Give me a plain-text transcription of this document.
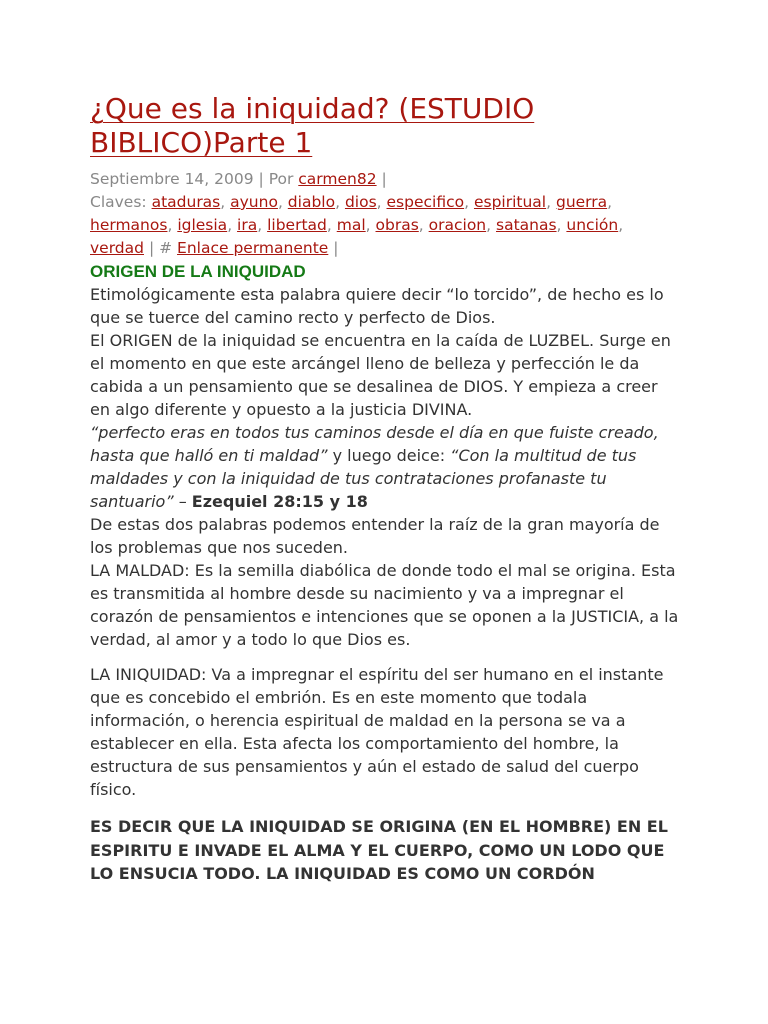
¿Que es la iniquidad? (ESTUDIO BIBLICO)Parte 1
Septiembre 14, 2009 | Por carmen82 |
Claves: ataduras, ayuno, diablo, dios, especifico, espiritual, guerra, hermanos, iglesia, ira, libertad, mal, obras, oracion, satanas, unción, verdad | # Enlace permanente |
ORIGEN DE LA INIQUIDAD

Etimológicamente esta palabra quiere decir “lo torcido”, de hecho es lo que se tuerce del camino recto y perfecto de Dios.

El ORIGEN de la iniquidad se encuentra en la caída de LUZBEL. Surge en el momento en que este arcángel lleno de belleza y perfección le da cabida a un pensamiento que se desalinea de DIOS. Y empieza a creer en algo diferente y opuesto a la justicia DIVINA.

“perfecto eras en todos tus caminos desde el día en que fuiste creado, hasta que halló en ti maldad” y luego deice: “Con la multitud de tus maldades y con la iniquidad de tus contrataciones profanaste tu santuario” – Ezequiel 28:15 y 18

De estas dos palabras podemos entender la raíz de la gran mayoría de los problemas que nos suceden.

LA MALDAD: Es la semilla diabólica de donde todo el mal se origina. Esta es transmitida al hombre desde su nacimiento y va a impregnar el corazón de pensamientos e intenciones que se oponen a la JUSTICIA, a la verdad, al amor y a todo lo que Dios es.

LA INIQUIDAD: Va a impregnar el espíritu del ser humano en el instante que es concebido el embrión. Es en este momento que todala información, o herencia espiritual de maldad en la persona se va a establecer en ella. Esta afecta los comportamiento del hombre, la estructura de sus pensamientos y aún el estado de salud del cuerpo físico.

ES DECIR QUE LA INIQUIDAD SE ORIGINA (EN EL HOMBRE) EN EL ESPIRITU E INVADE EL ALMA Y EL CUERPO, COMO UN LODO QUE LO ENSUCIA TODO. LA INIQUIDAD ES COMO UN CORDÓN
